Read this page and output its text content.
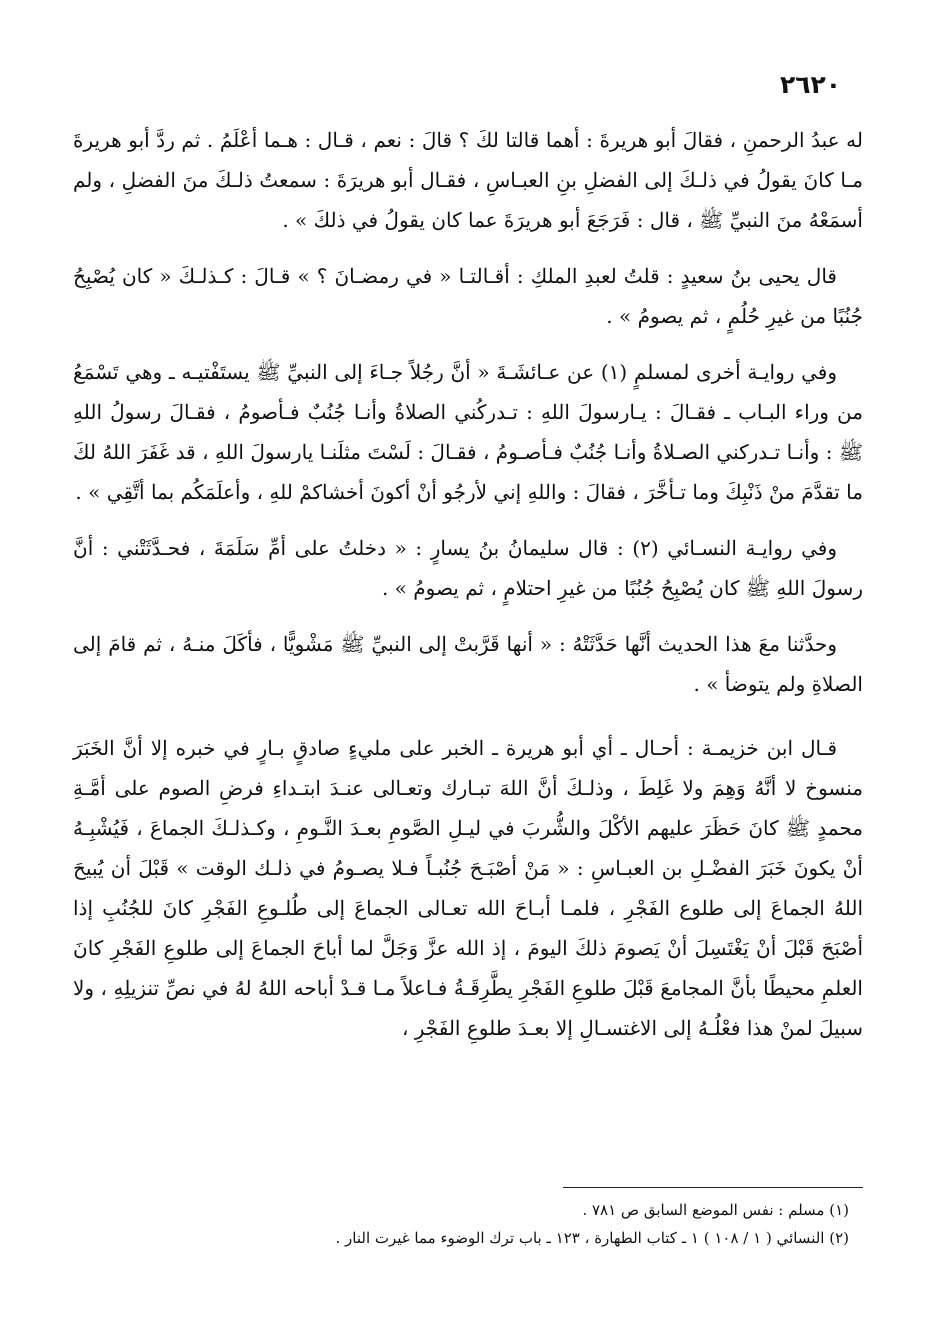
٢٦٢٠

له عبدُ الرحمنِ ، فقالَ أبو هريرةَ : أهما قالتا لكَ ؟ قالَ : نعم ، قـال : هـما أعْلَمُ . ثم ردَّ أبو هريرةَ مـا كانَ يقولُ في ذلـكَ إلى الفضلِ بنِ العبـاسِ ، فقـال أبو هريرَةَ : سمعتُ ذلـكَ منَ الفضلِ ، ولم أسمَعْهُ منَ النبيِّ ﷺ ، قال : فَرَجَعَ أبو هريرَةَ عما كان يقولُ في ذلكَ » .

قال يحيى بنُ سعيدٍ : قلتُ لعبدِ الملكِ : أقـالتـا « في رمضـانَ ؟ » قـالَ : كـذلـكَ « كان يُصْبِحُ جُنُبًا من غيرِ حُلُمٍ ، ثم يصومُ » .

وفي روايـة أخرى لمسلمٍ (١) عن عـائشَـةَ « أنَّ رجُلاً جـاءَ إلى النبيِّ ﷺ يستَفْتيـه ـ وهي تَسْمَعُ من وراء البـاب ـ فقـالَ : يـارسولَ اللهِ : تـدركُني الصلاةُ وأنـا جُنُبٌ فـأصومُ ، فقـالَ رسولُ اللهِ ﷺ : وأنـا تـدركني الصـلاةُ وأنـا جُنُبٌ فـأصـومُ ، فقـالَ : لَسْتَ مثلَنـا يارسولَ اللهِ ، قد غَفَرَ اللهُ لكَ ما تقدَّمَ منْ ذَنْبِكَ وما تـأخَّرَ ، فقالَ : واللهِ إني لأرجُو أنْ أكونَ أخشاكمْ للهِ ، وأعلَمَكُم بما أتَّقِي » .

وفي روايـة النسـائي (٢) : قال سليمانُ بنُ يسارٍ : « دخلتُ على أمِّ سَلَمَةَ ، فحـدَّثَتْني : أنَّ رسولَ اللهِ ﷺ كان يُصْبِحُ جُنُبًا من غيرِ احتلامٍ ، ثم يصومُ » .

وحدَّثنا معَ هذا الحديث أنَّها حَدَّثَتْهُ : « أنها قَرَّبتْ إلى النبيِّ ﷺ مَشْويًّا ، فأكَلَ منـهُ ، ثم قامَ إلى الصلاةِ ولم يتوضأ » .

قـال ابن خزيمـة : أحـال ـ أي أبو هريرة ـ الخبر على مليءٍ صادقٍ بـارٍ في خبره إلا أنَّ الخَبَرَ منسوخ لا أنَّهُ وَهِمَ ولا غَلِطَ ، وذلـكَ أنَّ اللهَ تبـارك وتعـالى عنـدَ ابتـداءِ فرضِ الصوم على أمَّـةِ محمدٍ ﷺ كانَ حَظَرَ عليهم الأكْلَ والشُّربَ في ليـلِ الصَّومِ بعـدَ النَّـومِ ، وكـذلـكَ الجماعَ ، فَيُشْبِـهُ أنْ يكونَ خَبَرَ الفضْـلِ بن العبـاسِ : « مَنْ أصْبَـحَ جُنُبـاً فـلا يصـومُ في ذلـك الوقت » قَبْلَ أن يُبيحَ اللهُ الجماعَ إلى طلوع الفَجْرِ ، فلمـا أبـاحَ الله تعـالى الجماعَ إلى طُلـوعِ الفَجْرِ كانَ للجُنُبِ إذا أصْبَحَ قَبْلَ أنْ يَغْتَسِلَ أنْ يَصومَ ذلكَ اليومَ ، إذ الله عزَّ وَجَلَّ لما أباحَ الجماعَ إلى طلوعِ الفَجْرِ كانَ العلمِ محيطًا بأنَّ المجامعَ قَبْلَ طلوعِ الفَجْرِ يطَّرِقَـةُ فـاعلاً مـا قـدْ أباحه اللهُ لهُ في نصِّ تنزيلِهِ ، ولا سبيلَ لمنْ هذا فعْلُـهُ إلى الاغتسـالِ إلا بعـدَ طلوعِ الفَجْرِ ،

(١) مسلم : نفس الموضع السابق ص ٧٨١ .

(٢) النسائي ( ١ / ١٠٨ ) ١ ـ كتاب الطهارة ، ١٢٣ ـ باب ترك الوضوء مما غيرت النار .
